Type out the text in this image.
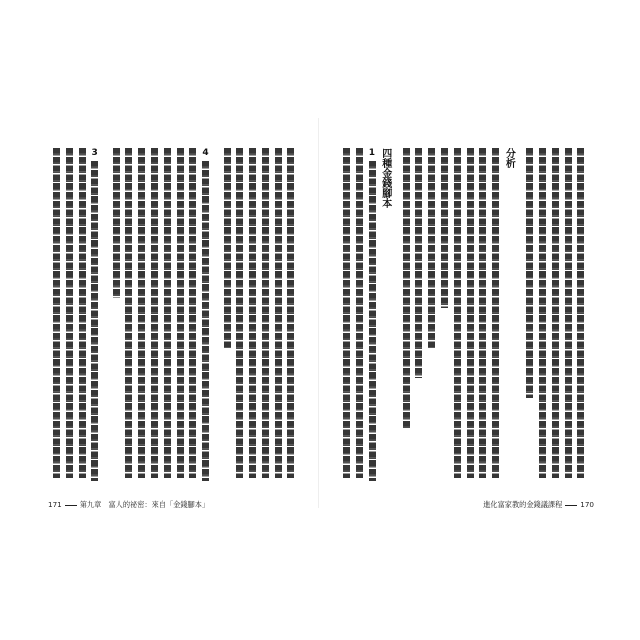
4
3
171	第九章　富人的祕密：來自「金錢腳本」
分析
四種金錢腳本
1
進化富家教的金錢議課程	170
